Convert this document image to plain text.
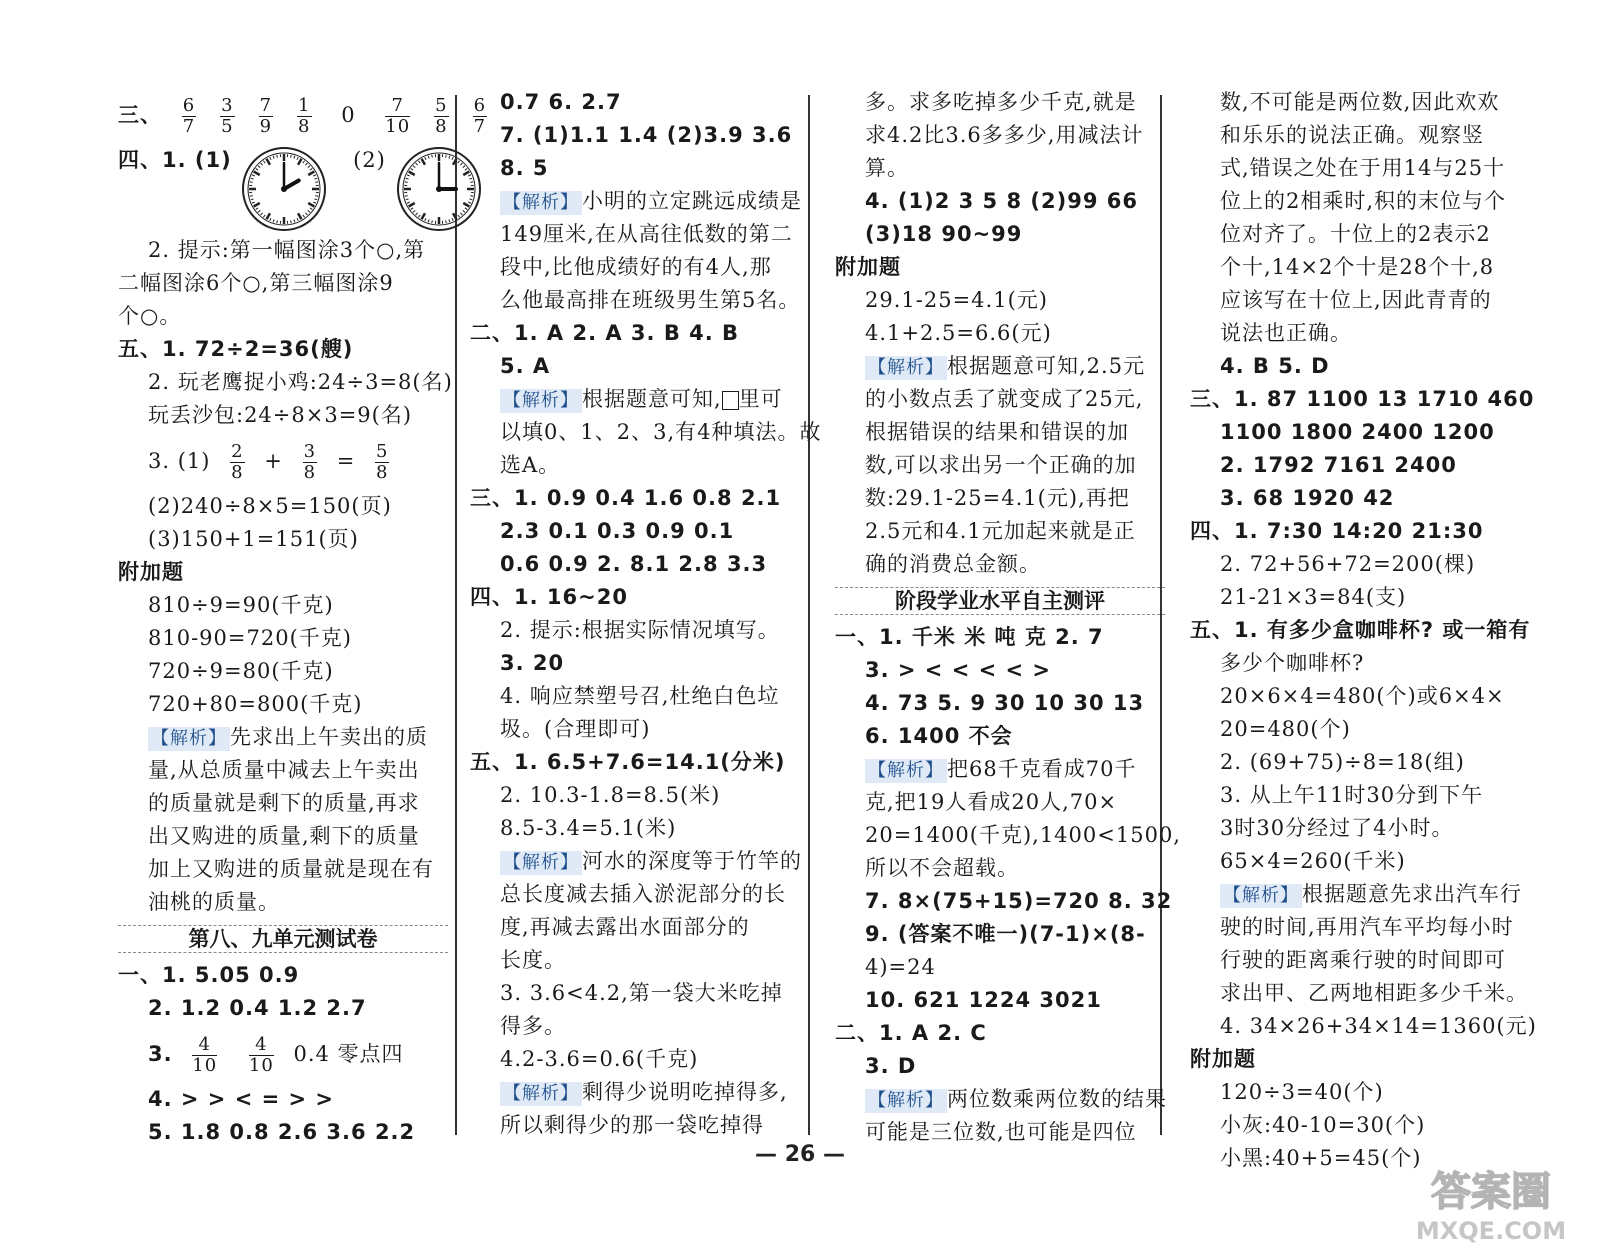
三、 $\frac{6}{7} \frac{3}{5} \frac{7}{9} \frac{1}{8} 0 \frac{7}{10} \frac{5}{8} \frac{6}{7}$
四、1. (1)	(2)
2. 提示:第一幅图涂3个○,第
二幅图涂6个○,第三幅图涂9
个○。
五、1. 72÷2=36(艘)
2. 玩老鹰捉小鸡:24÷3=8(名)
玩丢沙包:24÷8×3=9(名)
3. $(1) \frac{2}{8} + \frac{3}{8} = \frac{5}{8}$
(2)240÷8×5=150(页)
(3)150+1=151(页)
附加题
810÷9=90(千克)
810-90=720(千克)
720÷9=80(千克)
720+80=800(千克)
【解析】 先求出上午卖出的质
量,从总质量中减去上午卖出
的质量就是剩下的质量,再求
出又购进的质量,剩下的质量
加上又购进的质量就是现在有
油桃的质量。
第八、九单元测试卷
一、1. 5.05 0.9
2. 1.2 0.4 1.2 2.7
3. $\frac{4}{10}$
$\frac{4}{10} 0.4$ 零点四
4. > > < = > >
5. 1.8 0.8 2.6 3.6 2.2
0.7 6. 2.7
7. (1)1.1 1.4 (2)3.9 3.6
8. 5
【解析】 小明的立定跳远成绩是
149厘米,在从高往低数的第二
段中,比他成绩好的有4人,那
么他最高排在班级男生第5名。
二、1. A 2. A 3. B 4. B
5. A
【解析】 根据题意可知, 里可
以填0、1、2、3,有4种填法。故
选A。
三、1. 0.9 0.4 1.6 0.8 2.1
2.3 0.1 0.3 0.9 0.1
0.6 0.9 2. 8.1 2.8 3.3
四、1. 16~20
2. 提示:根据实际情况填写。
3. 20
4. 响应禁塑号召,杜绝白色垃
圾。(合理即可)
五、1. 6.5+7.6=14.1(分米)
2. 10.3-1.8=8.5(米)
8.5-3.4=5.1(米)
【解析】 河水的深度等于竹竿的
总长度减去插入淤泥部分的长
度,再减去露出水面部分的
长度。
3. 3.6<4.2,第一袋大米吃掉
得多。
4.2-3.6=0.6(千克)
【解析】 剩得少说明吃掉得多,
所以剩得少的那一袋吃掉得
多。求多吃掉多少千克,就是
求4.2比3.6多多少,用减法计
算。
4. (1)2 3 5 8 (2)99 66
(3)18 90~99
附加题
29.1-25=4.1(元)
4.1+2.5=6.6(元)
【解析】 根据题意可知,2.5元
的小数点丢了就变成了25元,
根据错误的结果和错误的加
数,可以求出另一个正确的加
数:29.1-25=4.1(元),再把
2.5元和4.1元加起来就是正
确的消费总金额。
阶段学业水平自主测评
一、1. 千米 米 吨 克 2. 7
3. > < < < < >
4. 73 5. 9 30 10 30 13
6. 1400 不会
【解析】 把68千克看成70千
克,把19人看成20人,70×
20=1400(千克),1400<1500,
所以不会超载。
7. 8×(75+15)=720 8. 32
9. (答案不唯一)(7-1)×(8-
4)=24
10. 621 1224 3021
二、1. A 2. C
3. D
【解析】 两位数乘两位数的结果
可能是三位数,也可能是四位
数,不可能是两位数,因此欢欢
和乐乐的说法正确。观察竖
式,错误之处在于用14与25十
位上的2相乘时,积的末位与个
位对齐了。十位上的2表示2
个十,14×2个十是28个十,8
应该写在十位上,因此青青的
说法也正确。
4. B 5. D
三、1. 87 1100 13 1710 460
1100 1800 2400 1200
2. 1792 7161 2400
3. 68 1920 42
四、1. 7:30 14:20 21:30
2. 72+56+72=200(棵)
21-21×3=84(支)
五、1. 有多少盒咖啡杯? 或一箱有
多少个咖啡杯?
20×6×4=480(个)或6×4×
20=480(个)
2. (69+75)÷8=18(组)
3. 从上午11时30分到下午
3时30分经过了4小时。
65×4=260(千米)
【解析】 根据题意先求出汽车行
驶的时间,再用汽车平均每小时
行驶的距离乘行驶的时间即可
求出甲、乙两地相距多少千米。
4. 34×26+34×14=1360(元)
附加题
120÷3=40(个)
小灰:40-10=30(个)
小黑:40+5=45(个)
— 26 —
答案圈
MXQE.COM
